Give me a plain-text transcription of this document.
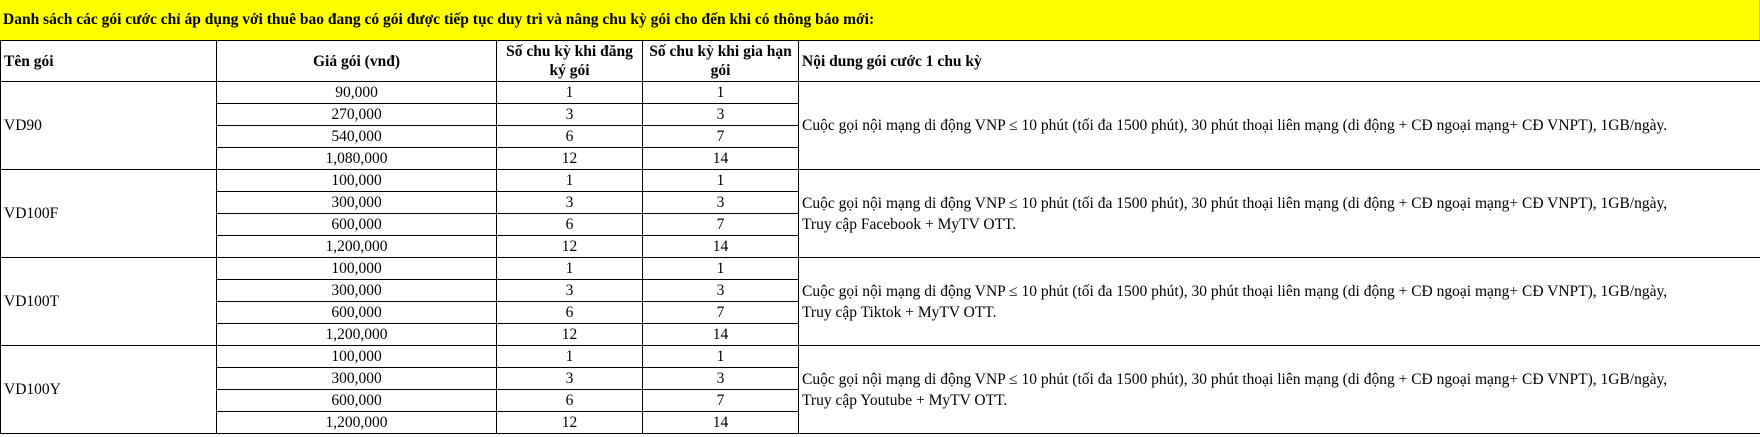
Danh sách các gói cước chỉ áp dụng với thuê bao đang có gói được tiếp tục duy trì và nâng chu kỳ gói cho đến khi có thông báo mới:
Tên gói	Giá gói (vnđ)	Số chu kỳ khi đăng ký gói	Số chu kỳ khi gia hạn gói	Nội dung gói cước 1 chu kỳ	
VD90	90,000	1	1	Cuộc gọi nội mạng di động VNP ≤ 10 phút (tối đa 1500 phút), 30 phút thoại liên mạng (di động + CĐ ngoại mạng+ CĐ VNPT), 1GB/ngày.	

	270,000	3	3		
	540,000	6	7		
	1,080,000	12	14		
VD100F	100,000	1	1	Cuộc gọi nội mạng di động VNP ≤ 10 phút (tối đa 1500 phút), 30 phút thoại liên mạng (di động + CĐ ngoại mạng+ CĐ VNPT), 1GB/ngày,
Truy cập Facebook + MyTV OTT.	

	300,000	3	3		
	600,000	6	7		
	1,200,000	12	14		
VD100T	100,000	1	1	Cuộc gọi nội mạng di động VNP ≤ 10 phút (tối đa 1500 phút), 30 phút thoại liên mạng (di động + CĐ ngoại mạng+ CĐ VNPT), 1GB/ngày,
Truy cập Tiktok + MyTV OTT.	

	300,000	3	3		
	600,000	6	7		
	1,200,000	12	14		
VD100Y	100,000	1	1	Cuộc gọi nội mạng di động VNP ≤ 10 phút (tối đa 1500 phút), 30 phút thoại liên mạng (di động + CĐ ngoại mạng+ CĐ VNPT), 1GB/ngày,
Truy cập Youtube + MyTV OTT.	

	300,000	3	3		
	600,000	6	7		
	1,200,000	12	14		
